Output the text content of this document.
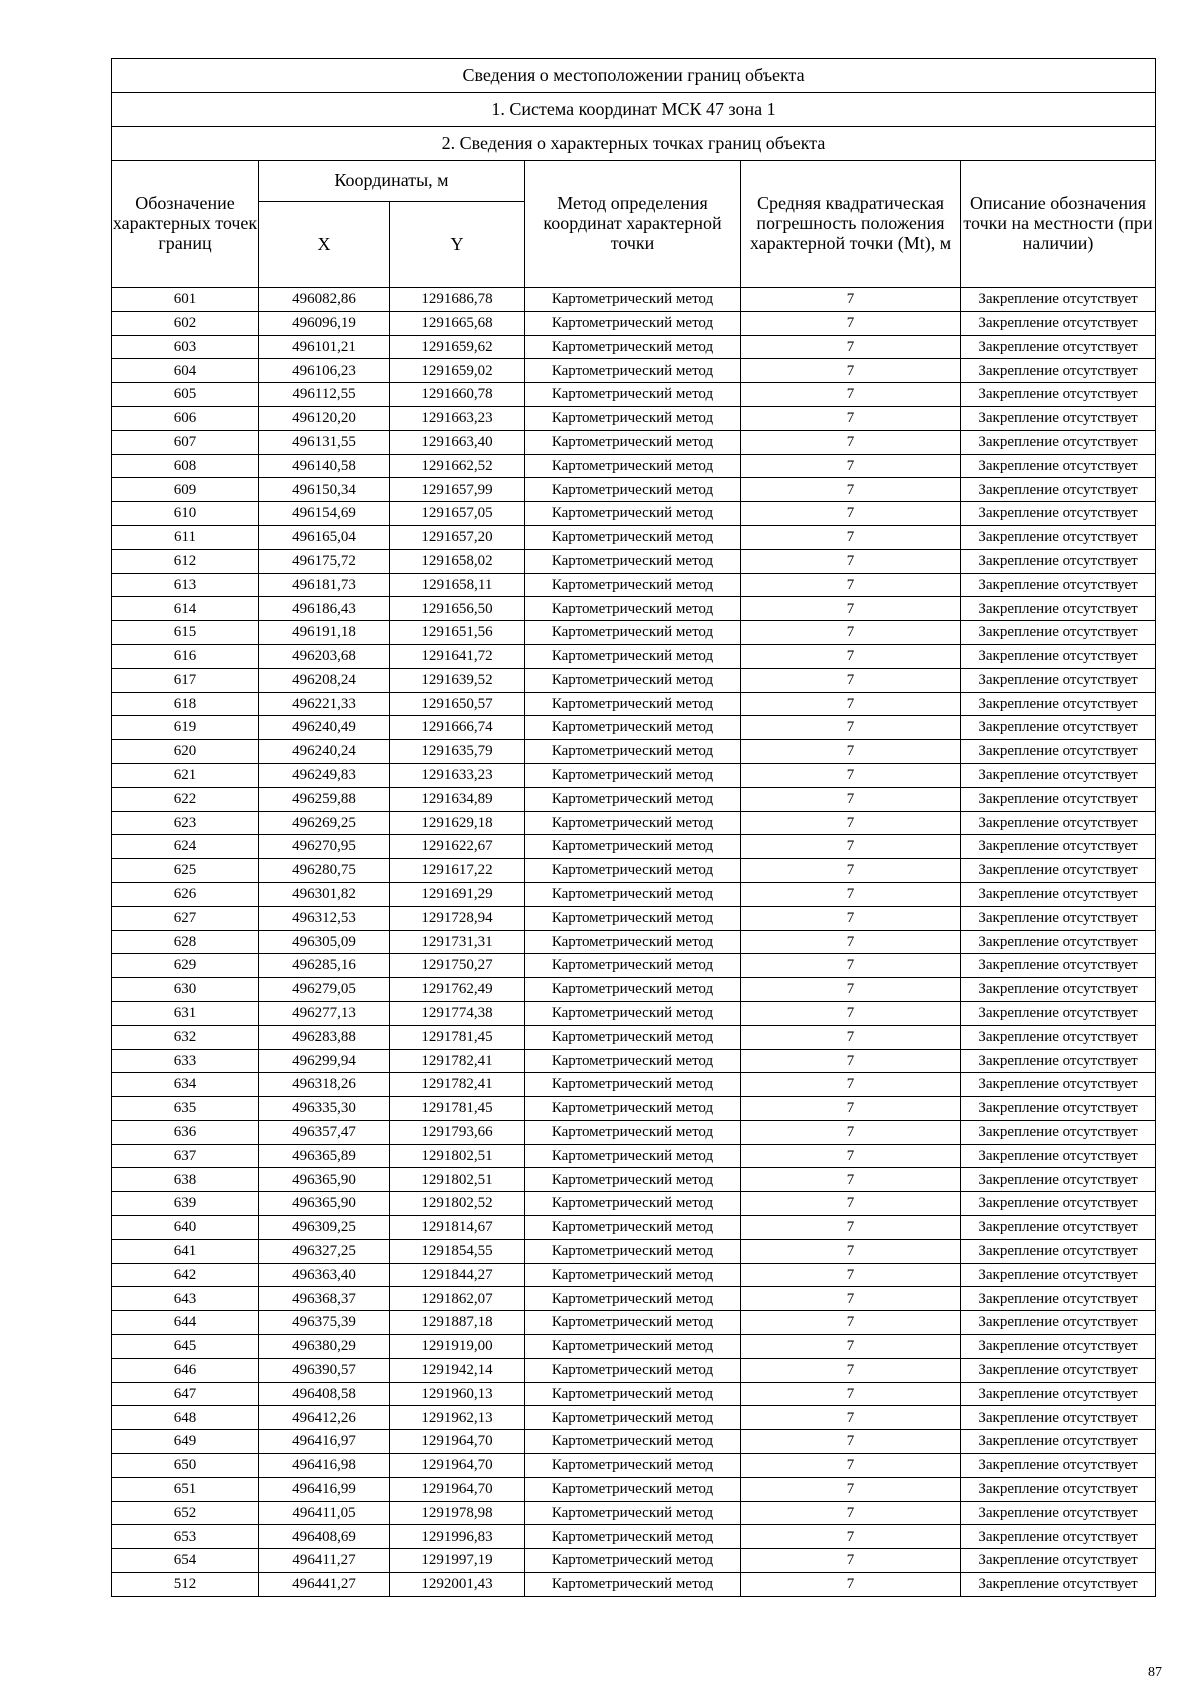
Сведения о местоположении границ объекта					
1. Система координат МСК 47 зона 1					
2. Сведения о характерных точках границ объекта					
Обозначение характерных точек границ	Координаты, м		Метод определения координат характерной точки	Средняя квадратическая погрешность положения характерной точки (Mt), м	Описание обозначения точки на местности (при наличии)
	X	Y			
601	496082,86	1291686,78	Картометрический метод	7	Закрепление отсутствует
602	496096,19	1291665,68	Картометрический метод	7	Закрепление отсутствует
603	496101,21	1291659,62	Картометрический метод	7	Закрепление отсутствует
604	496106,23	1291659,02	Картометрический метод	7	Закрепление отсутствует
605	496112,55	1291660,78	Картометрический метод	7	Закрепление отсутствует
606	496120,20	1291663,23	Картометрический метод	7	Закрепление отсутствует
607	496131,55	1291663,40	Картометрический метод	7	Закрепление отсутствует
608	496140,58	1291662,52	Картометрический метод	7	Закрепление отсутствует
609	496150,34	1291657,99	Картометрический метод	7	Закрепление отсутствует
610	496154,69	1291657,05	Картометрический метод	7	Закрепление отсутствует
611	496165,04	1291657,20	Картометрический метод	7	Закрепление отсутствует
612	496175,72	1291658,02	Картометрический метод	7	Закрепление отсутствует
613	496181,73	1291658,11	Картометрический метод	7	Закрепление отсутствует
614	496186,43	1291656,50	Картометрический метод	7	Закрепление отсутствует
615	496191,18	1291651,56	Картометрический метод	7	Закрепление отсутствует
616	496203,68	1291641,72	Картометрический метод	7	Закрепление отсутствует
617	496208,24	1291639,52	Картометрический метод	7	Закрепление отсутствует
618	496221,33	1291650,57	Картометрический метод	7	Закрепление отсутствует
619	496240,49	1291666,74	Картометрический метод	7	Закрепление отсутствует
620	496240,24	1291635,79	Картометрический метод	7	Закрепление отсутствует
621	496249,83	1291633,23	Картометрический метод	7	Закрепление отсутствует
622	496259,88	1291634,89	Картометрический метод	7	Закрепление отсутствует
623	496269,25	1291629,18	Картометрический метод	7	Закрепление отсутствует
624	496270,95	1291622,67	Картометрический метод	7	Закрепление отсутствует
625	496280,75	1291617,22	Картометрический метод	7	Закрепление отсутствует
626	496301,82	1291691,29	Картометрический метод	7	Закрепление отсутствует
627	496312,53	1291728,94	Картометрический метод	7	Закрепление отсутствует
628	496305,09	1291731,31	Картометрический метод	7	Закрепление отсутствует
629	496285,16	1291750,27	Картометрический метод	7	Закрепление отсутствует
630	496279,05	1291762,49	Картометрический метод	7	Закрепление отсутствует
631	496277,13	1291774,38	Картометрический метод	7	Закрепление отсутствует
632	496283,88	1291781,45	Картометрический метод	7	Закрепление отсутствует
633	496299,94	1291782,41	Картометрический метод	7	Закрепление отсутствует
634	496318,26	1291782,41	Картометрический метод	7	Закрепление отсутствует
635	496335,30	1291781,45	Картометрический метод	7	Закрепление отсутствует
636	496357,47	1291793,66	Картометрический метод	7	Закрепление отсутствует
637	496365,89	1291802,51	Картометрический метод	7	Закрепление отсутствует
638	496365,90	1291802,51	Картометрический метод	7	Закрепление отсутствует
639	496365,90	1291802,52	Картометрический метод	7	Закрепление отсутствует
640	496309,25	1291814,67	Картометрический метод	7	Закрепление отсутствует
641	496327,25	1291854,55	Картометрический метод	7	Закрепление отсутствует
642	496363,40	1291844,27	Картометрический метод	7	Закрепление отсутствует
643	496368,37	1291862,07	Картометрический метод	7	Закрепление отсутствует
644	496375,39	1291887,18	Картометрический метод	7	Закрепление отсутствует
645	496380,29	1291919,00	Картометрический метод	7	Закрепление отсутствует
646	496390,57	1291942,14	Картометрический метод	7	Закрепление отсутствует
647	496408,58	1291960,13	Картометрический метод	7	Закрепление отсутствует
648	496412,26	1291962,13	Картометрический метод	7	Закрепление отсутствует
649	496416,97	1291964,70	Картометрический метод	7	Закрепление отсутствует
650	496416,98	1291964,70	Картометрический метод	7	Закрепление отсутствует
651	496416,99	1291964,70	Картометрический метод	7	Закрепление отсутствует
652	496411,05	1291978,98	Картометрический метод	7	Закрепление отсутствует
653	496408,69	1291996,83	Картометрический метод	7	Закрепление отсутствует
654	496411,27	1291997,19	Картометрический метод	7	Закрепление отсутствует
512	496441,27	1292001,43	Картометрический метод	7	Закрепление отсутствует
87
